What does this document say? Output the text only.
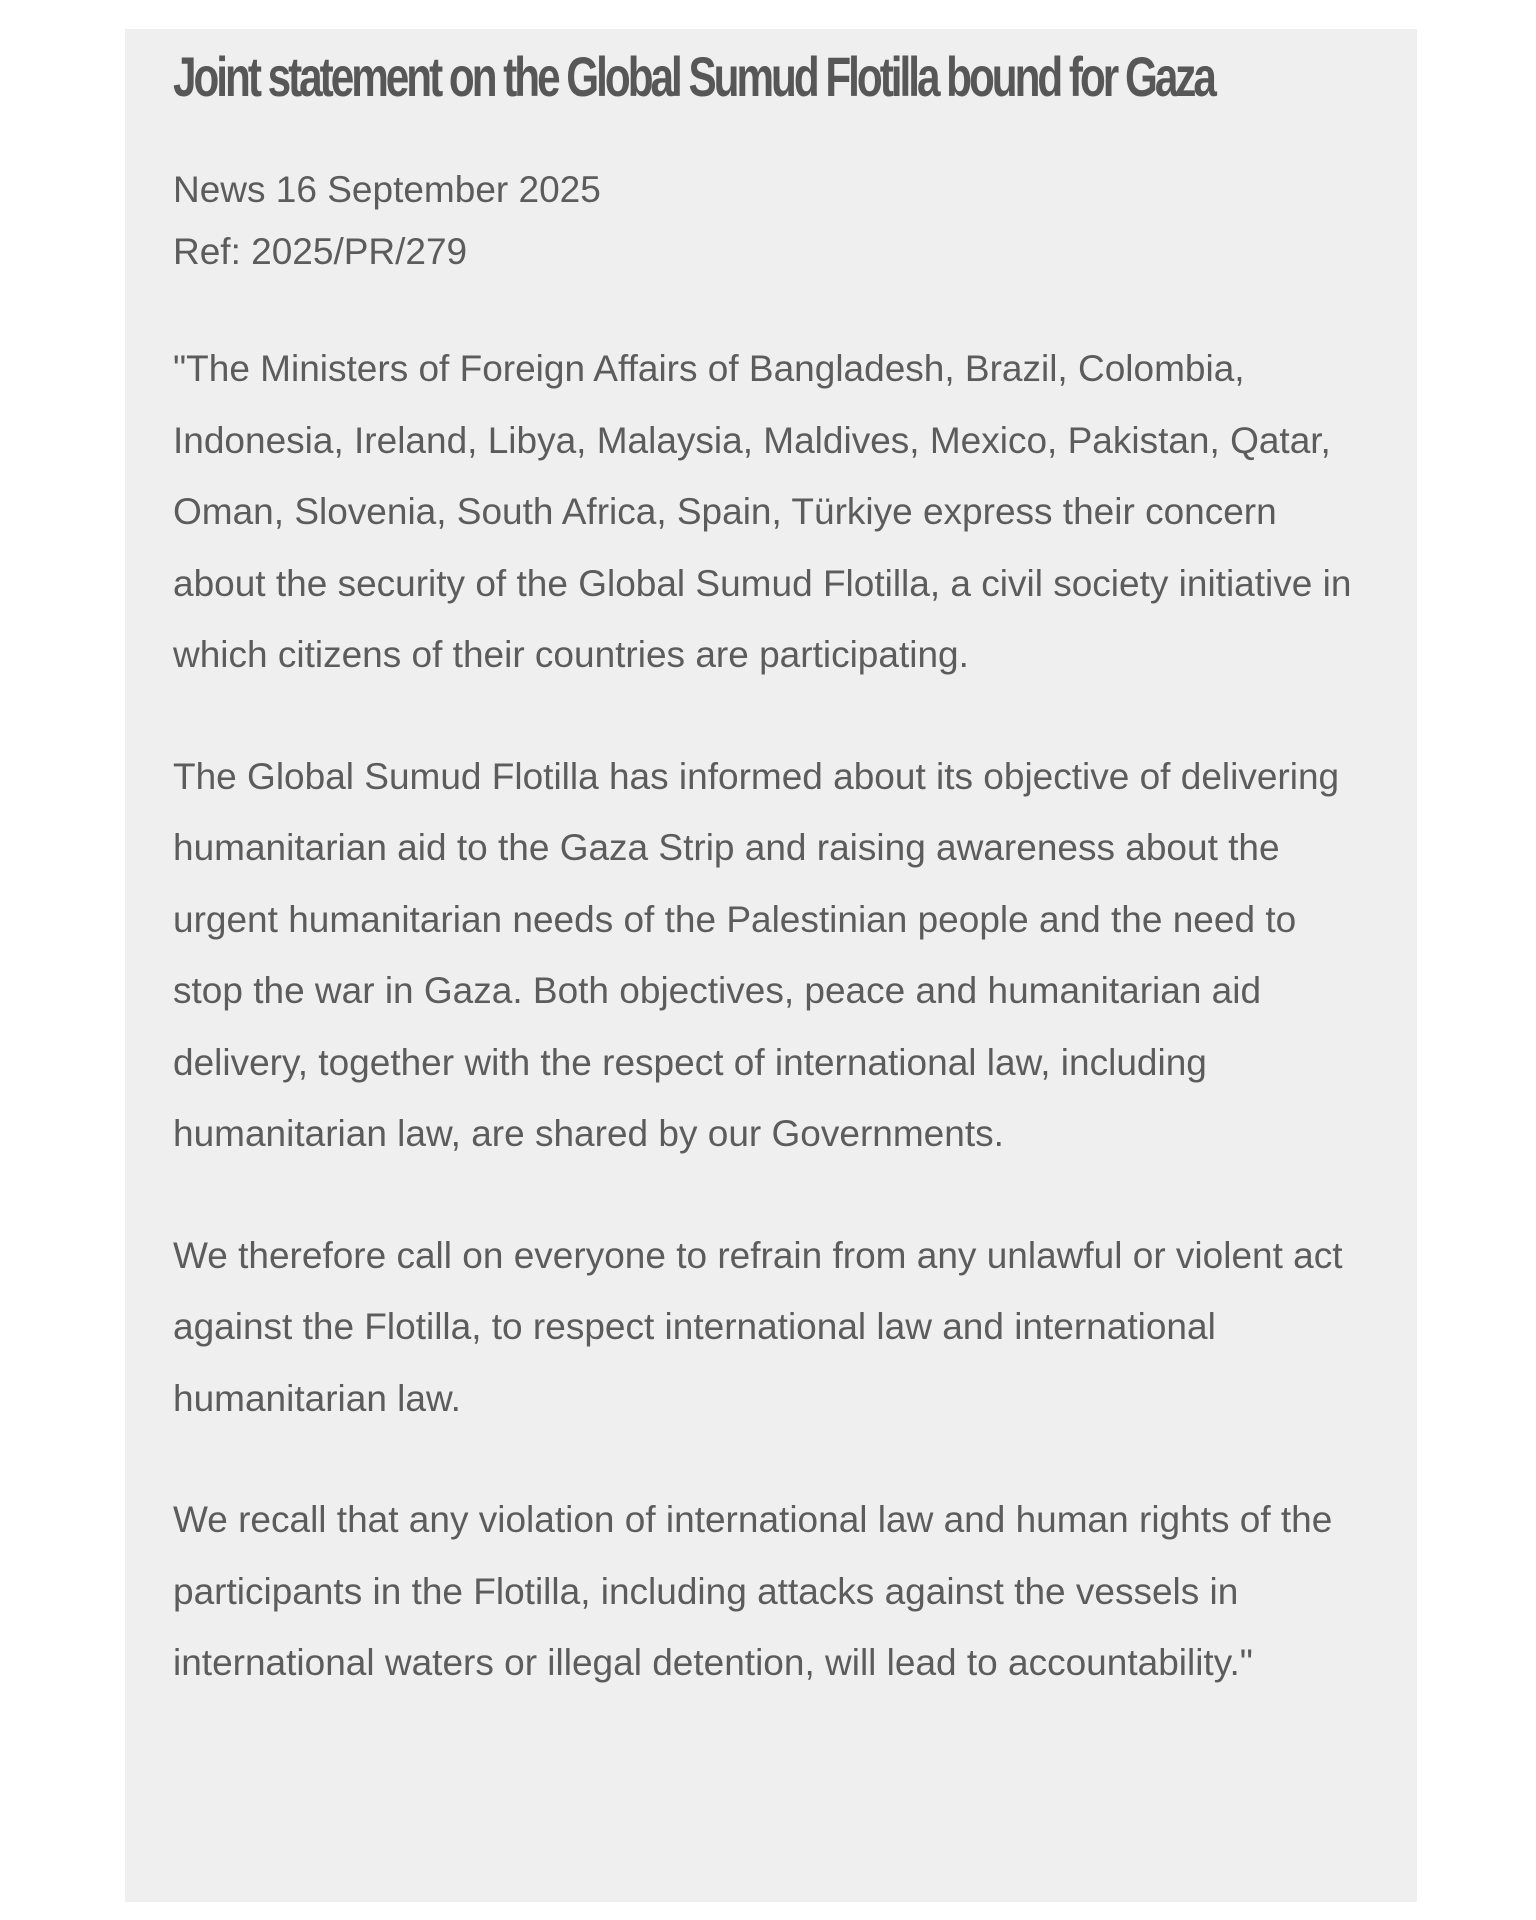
Joint statement on the Global Sumud Flotilla bound for Gaza
News 16 September 2025
Ref: 2025/PR/279

"The Ministers of Foreign Affairs of Bangladesh, Brazil, Colombia, Indonesia, Ireland, Libya, Malaysia, Maldives, Mexico, Pakistan, Qatar, Oman, Slovenia, South Africa, Spain, Türkiye express their concern about the security of the Global Sumud Flotilla, a civil society initiative in which citizens of their countries are participating.

The Global Sumud Flotilla has informed about its objective of delivering humanitarian aid to the Gaza Strip and raising awareness about the urgent humanitarian needs of the Palestinian people and the need to stop the war in Gaza. Both objectives, peace and humanitarian aid delivery, together with the respect of international law, including humanitarian law, are shared by our Governments.

We therefore call on everyone to refrain from any unlawful or violent act against the Flotilla, to respect international law and international humanitarian law.

We recall that any violation of international law and human rights of the participants in the Flotilla, including attacks against the vessels in international waters or illegal detention, will lead to accountability."
